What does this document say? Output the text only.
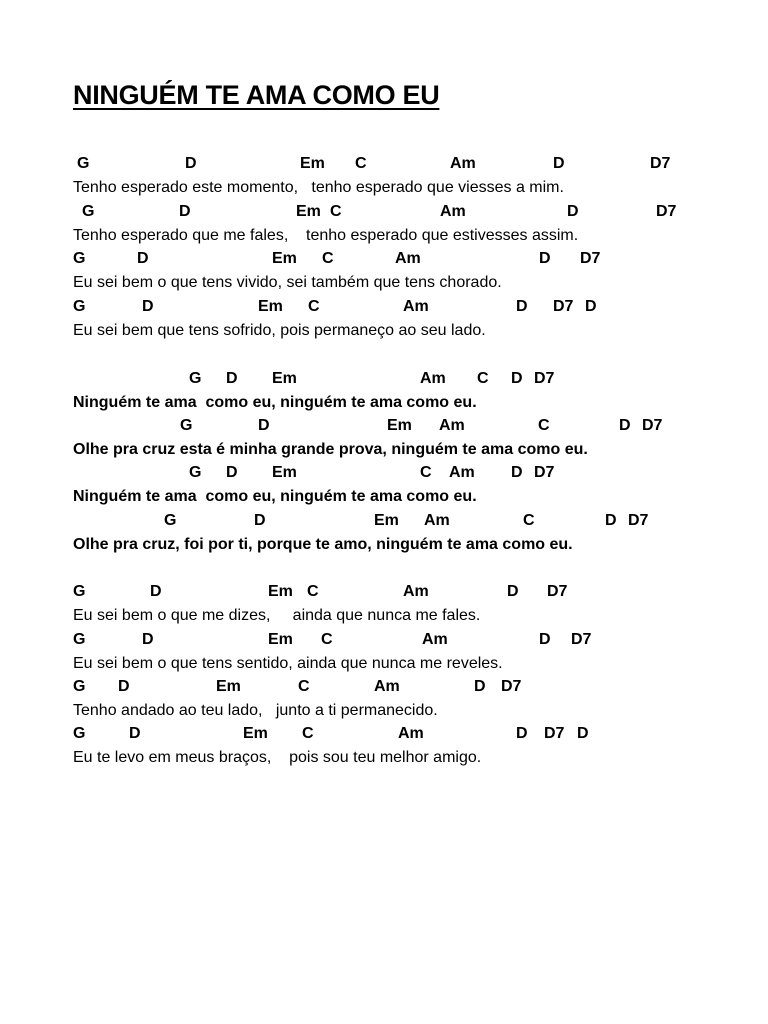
NINGUÉM TE AMA COMO EU
G	D	Em C	Am	D	D7
Tenho esperado este momento,   tenho esperado que viesses a mim.
G	D	Em C	Am	D	D7
Tenho esperado que me fales,    tenho esperado que estivesses assim.
G	D	Em C	Am	D D7
Eu sei bem o que tens vivido, sei também que tens chorado.
G	D	Em C	Am	D D7 D
Eu sei bem que tens sofrido, pois permaneço ao seu lado.
G D Em	Am C D D7
Ninguém te ama  como eu, ninguém te ama como eu.
G	D	Em Am	C	D D7
Olhe pra cruz esta é minha grande prova, ninguém te ama como eu.
G D Em	C Am D D7
Ninguém te ama  como eu, ninguém te ama como eu.
G	D	Em Am	C	D D7
Olhe pra cruz, foi por ti, porque te amo, ninguém te ama como eu.
G	D	Em C	Am	D D7
Eu sei bem o que me dizes,     ainda que nunca me fales.
G	D	Em C	Am	D D7
Eu sei bem o que tens sentido, ainda que nunca me reveles.
G D	Em	C	Am	D D7
Tenho andado ao teu lado,   junto a ti permanecido.
G	D	Em C	Am	D D7 D
Eu te levo em meus braços,    pois sou teu melhor amigo.
